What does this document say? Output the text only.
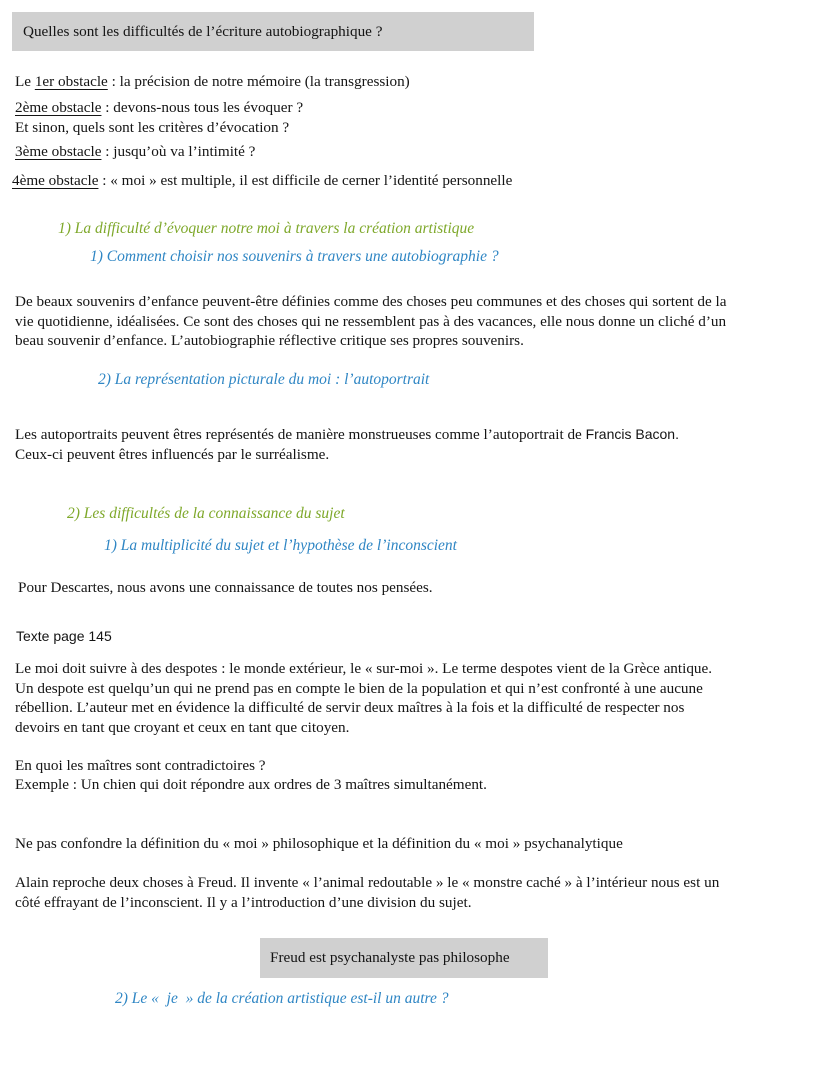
Quelles sont les difficultés de l’écriture autobiographique ?
Le 1er obstacle : la précision de notre mémoire (la transgression)
2ème obstacle : devons-nous tous les évoquer ?
Et sinon, quels sont les critères d’évocation ?
3ème obstacle : jusqu’où va l’intimité ?
4ème obstacle : « moi » est multiple, il est difficile de cerner l’identité personnelle
1) La difficulté d’évoquer notre moi à travers la création artistique
1) Comment choisir nos souvenirs à travers une autobiographie ?
De beaux souvenirs d’enfance peuvent-être définies comme des choses peu communes et des choses qui sortent de la
vie quotidienne, idéalisées. Ce sont des choses qui ne ressemblent pas à des vacances, elle nous donne un cliché d’un
beau souvenir d’enfance. L’autobiographie réflective critique ses propres souvenirs.
2) La représentation picturale du moi : l’autoportrait
Les autoportraits peuvent êtres représentés de manière monstrueuses comme l’autoportrait de Francis Bacon.
Ceux-ci peuvent êtres influencés par le surréalisme.
2) Les difficultés de la connaissance du sujet
1) La multiplicité du sujet et l’hypothèse de l’inconscient
Pour Descartes, nous avons une connaissance de toutes nos pensées.
Texte page 145
Le moi doit suivre à des despotes : le monde extérieur, le « sur-moi ». Le terme despotes vient de la Grèce antique.
Un despote est quelqu’un qui ne prend pas en compte le bien de la population et qui n’est confronté à une aucune
rébellion. L’auteur met en évidence la difficulté de servir deux maîtres à la fois et la difficulté de respecter nos
devoirs en tant que croyant et ceux en tant que citoyen.
En quoi les maîtres sont contradictoires ?
Exemple : Un chien qui doit répondre aux ordres de 3 maîtres simultanément.
Ne pas confondre la définition du « moi » philosophique et la définition du « moi » psychanalytique
Alain reproche deux choses à Freud. Il invente « l’animal redoutable » le « monstre caché » à l’intérieur nous est un
côté effrayant de l’inconscient. Il y a l’introduction d’une division du sujet.
Freud est psychanalyste pas philosophe
2) Le «  je  » de la création artistique est-il un autre ?
